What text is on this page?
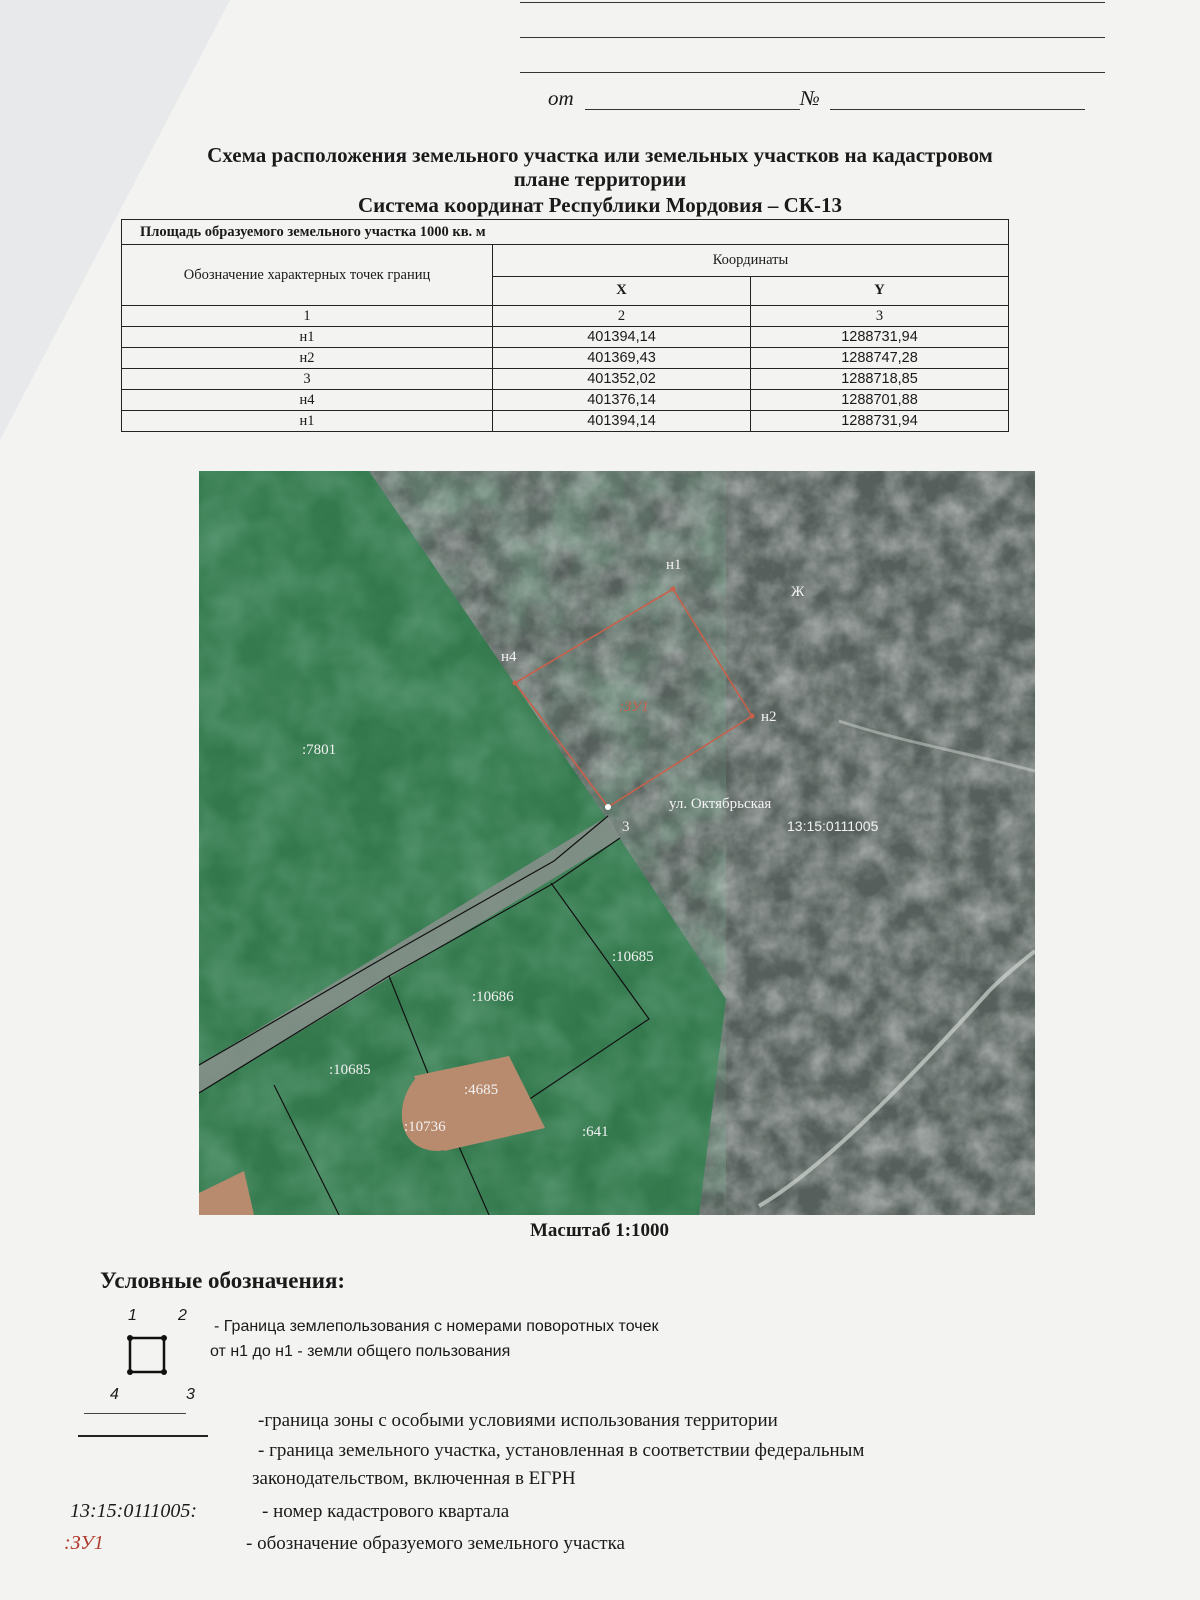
от	№
Схема расположения земельного участка или земельных участков на кадастровом
плане территории
Система координат Республики Мордовия – СК-13
Площадь образуемого земельного участка 1000 кв. м		
Обозначение характерных точек границ	Координаты	
	X	Y
1	2	3
н1	401394,14	1288731,94
н2	401369,43	1288747,28
3	401352,02	1288718,85
н4	401376,14	1288701,88
н1	401394,14	1288731,94
н1
н2
3
н4
Ж
:ЗУ1
ул. Октябрьская
13:15:0111005
:7801
:10685
:10686
:10685
:4685
:10736	:641
Масштаб 1:1000
Условные обозначения:
1	2
4	3
- Граница землепользования с номерами поворотных точек
от н1 до н1 - земли общего пользования
-граница зоны с особыми условиями использования территории
- граница земельного участка, установленная в соответствии федеральным
законодательством, включенная в ЕГРН
13:15:0111005:	- номер кадастрового квартала
:ЗУ1	- обозначение образуемого земельного участка
